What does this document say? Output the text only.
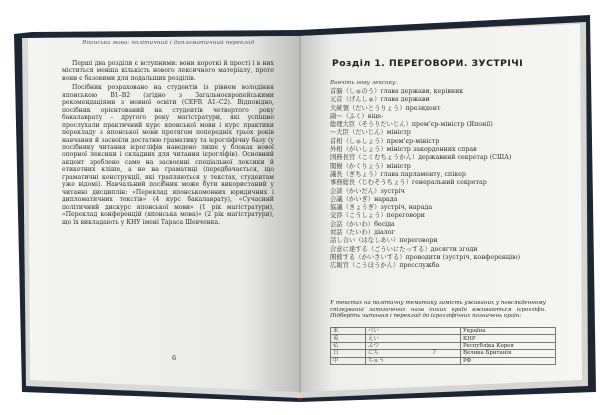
Японська мова: політичний і дипломатичний переклад

Перші два розділи є вступними: вони короткі й прості і в них міститься менша кількість нового лексичного матеріалу, проте вони є базовими для подальших розділів.

Посібник розраховано на студентів із рівнем володіння японською B1–B2 (згідно з Загальноєвропейськими рекомендаціями з мовної освіти (CEFR A1–C2). Відповідно, посібник орієнтований на студентів четвертого року бакалаврату – другого року магістратури, які успішно прослухали практичний курс японської мови і курс практики перекладу з японської мови протягом попередніх трьох років навчання й засвоїли достатню граматику та ієрогліфічну базу (у посібнику читання ієрогліфів наведено лише у блоках нової опорної лексики і складних для читання ієрогліфів). Основний акцент зроблено саме на засвоєнні спеціальної лексики й етикетних кліше, а не на граматиці (передбачається, що граматичні конструкції, які трапляються у текстах, студентам уже відомі). Навчальний посібник може бути використаний у читанні дисциплін: «Переклад японськомовних юридичних і дипломатичних текстів» (4 курс бакалаврату), «Сучасний політичний дискурс японської мови» (1 рік магістратури), «Переклад конференцій (японська мова)» (2 рік магістратури), що їх викладають у КНУ імені Тараса Шевченка.

6
Розділ 1. ПЕРЕГОВОРИ. ЗУСТРІЧІ
Вивчіть нову лексику:
首脳（しゅのう）глава держави, керівник
元首（げんしゅ）глава держави
大統領（だいとうりょう）президент
副～（ふく）віце-
総理大臣（そうりだいじん）прем’єр-міністр (Японії)
～大臣（だいじん）міністр
首相（しゅしょう）прем’єр-міністр
外相（がいしょう）міністр закордонних справ
国務長官（こくむちょうかん）державний секретар (США)
閣僚（かくりょう）міністр
議長（ぎちょう）глава парламенту, спікер
事務総長（じむそうちょう）генеральний секретар
会談（かいだん）зустріч
会議（かいぎ）нарада
協議（きょうぎ）зустріч, нарада
交渉（こうしょう）переговори
会話（かいわ）бесіда
対話（たいわ）діалог
話し合い（はなしあい）переговори
合意に達する（ごういにたっする）досягти згоди
開催する（かいさいする）проводити (зустріч, конференцію)
広報官（こうほうかん）пресслужба
У текстах на політичну тематику замість уживаних у повсякденному спілкуванні запозичених назв інших країн вживаються ієрогліфи. Підберіть читання і переклад до ієрогліфічних позначень країн:
米	べい	Україна
英	えい	КНР
仏	ふつ	Республіка Корея
日	にち	Велика Британія
中	ちゅう	РФ
7
